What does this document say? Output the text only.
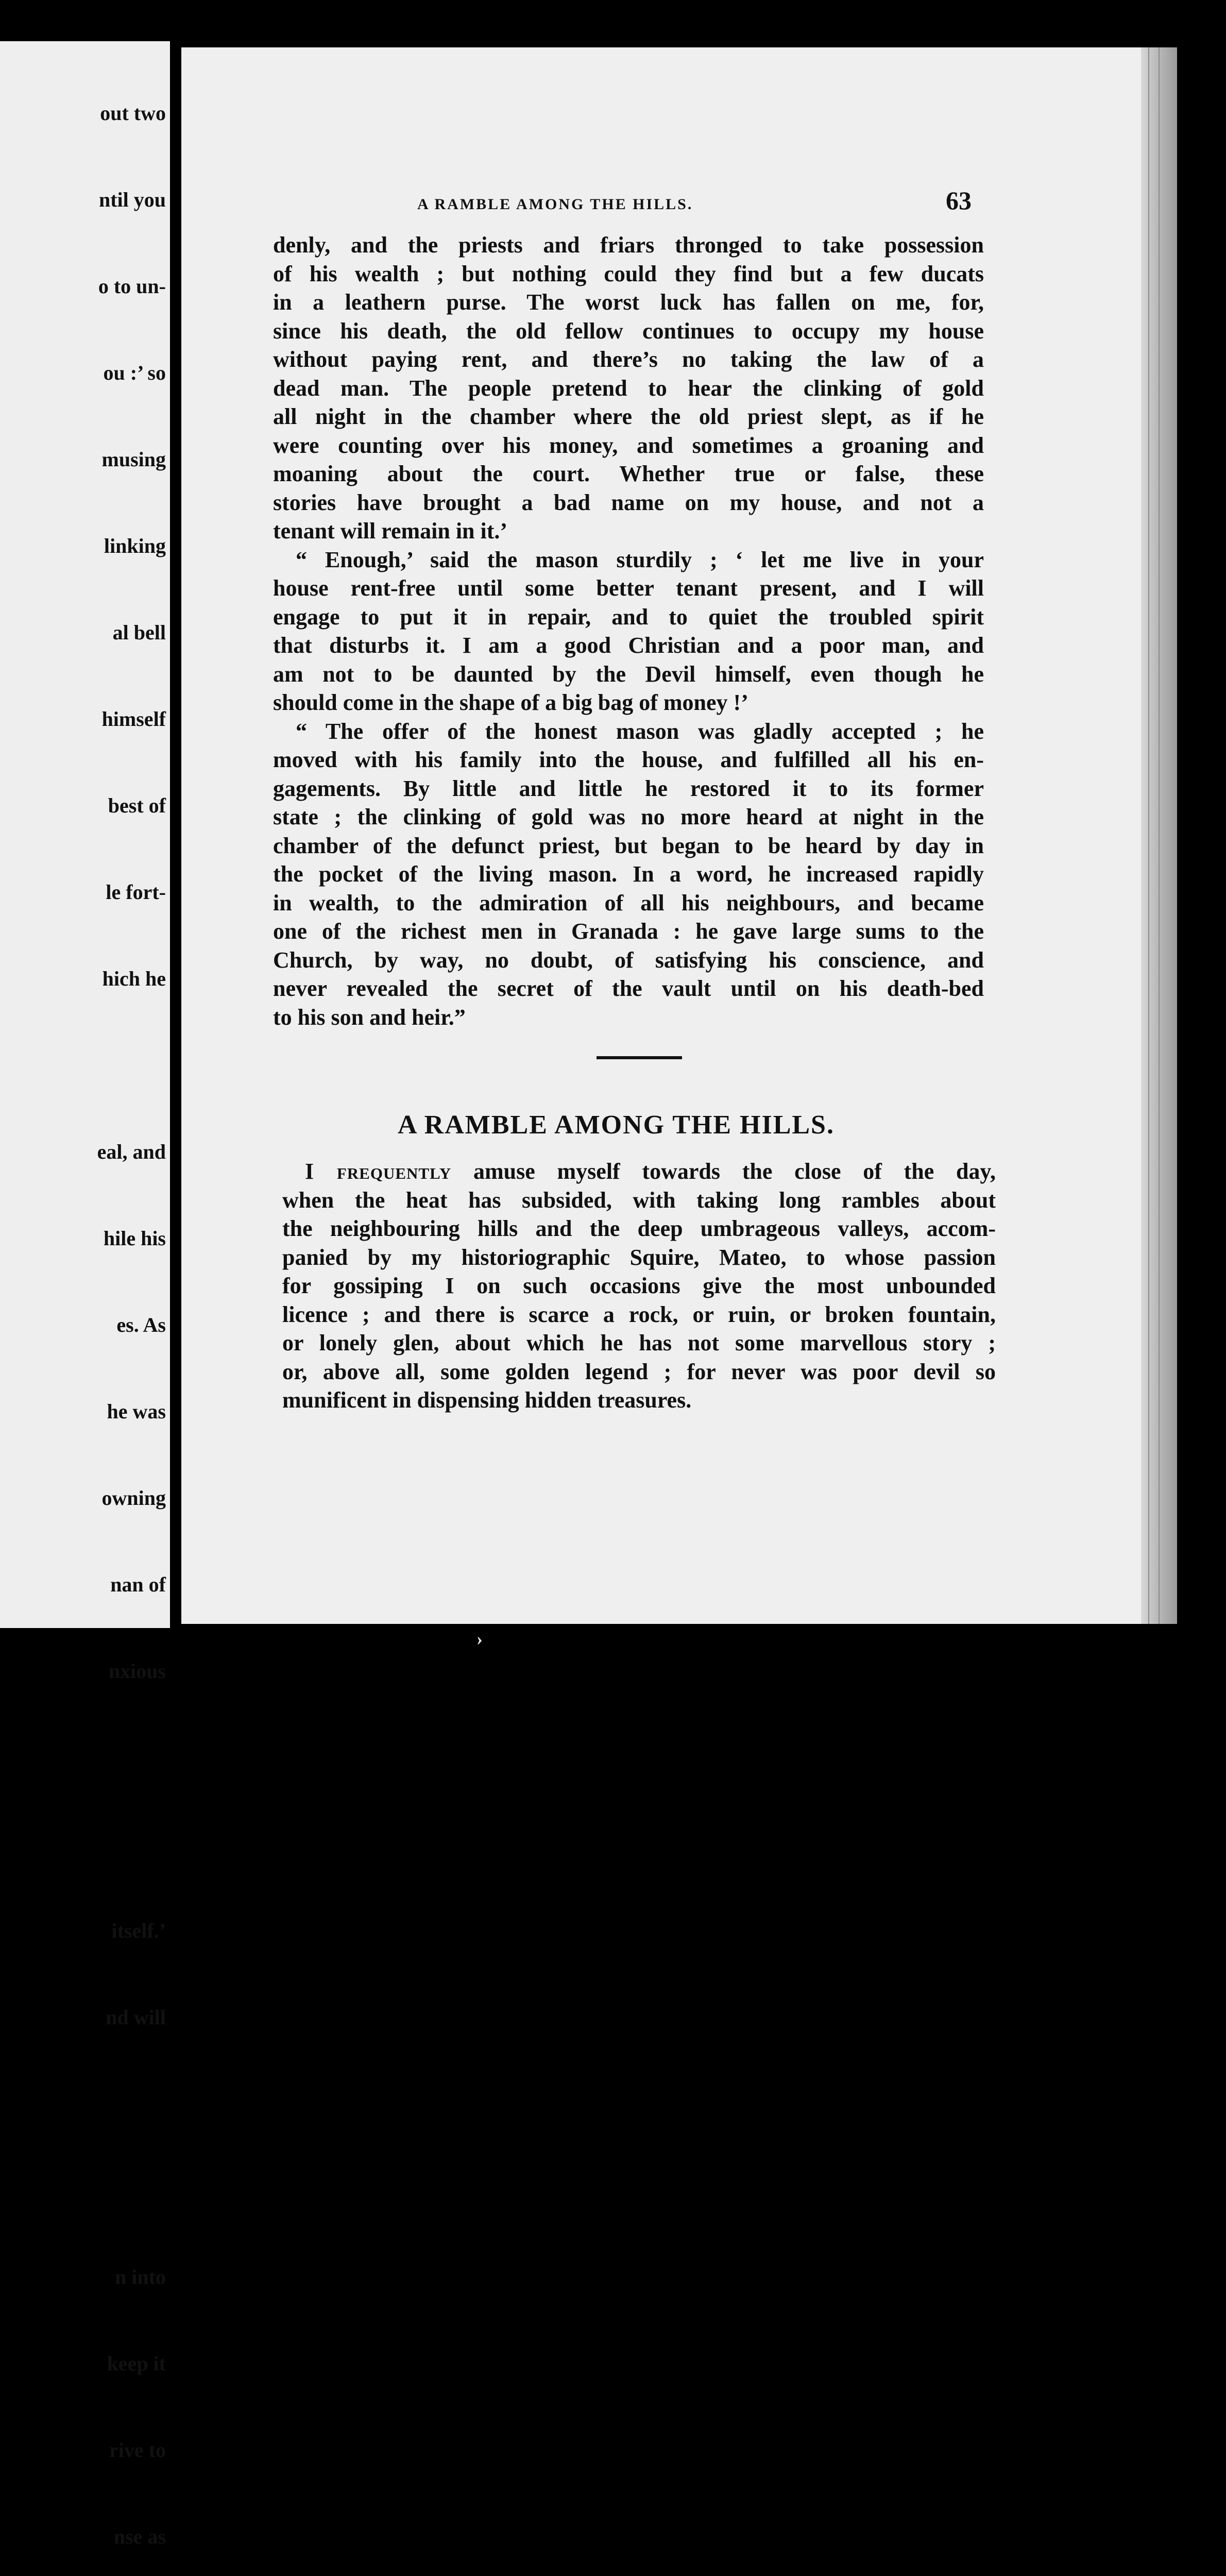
out two

ntil you

o to un-

ou :’ so

musing

linking

al bell

himself

best of

le fort-

hich he

eal, and

hile his

es. As

he was

owning

nan of

nxious

itself.’

nd will

n into

keep it

rive to

nse as

A RAMBLE AMONG THE HILLS.	63
denly, and the priests and friars thronged to take possession
of his wealth ; but nothing could they find but a few ducats
in a leathern purse. The worst luck has fallen on me, for,
since his death, the old fellow continues to occupy my house
without paying rent, and there’s no taking the law of a
dead man. The people pretend to hear the clinking of gold
all night in the chamber where the old priest slept, as if he
were counting over his money, and sometimes a groaning and
moaning about the court. Whether true or false, these
stories have brought a bad name on my house, and not a
tenant will remain in it.’
“ Enough,’ said the mason sturdily ; ‘ let me live in your
house rent-free until some better tenant present, and I will
engage to put it in repair, and to quiet the troubled spirit
that disturbs it. I am a good Christian and a poor man, and
am not to be daunted by the Devil himself, even though he
should come in the shape of a big bag of money !’
“ The offer of the honest mason was gladly accepted ; he
moved with his family into the house, and fulfilled all his en-
gagements. By little and little he restored it to its former
state ; the clinking of gold was no more heard at night in the
chamber of the defunct priest, but began to be heard by day in
the pocket of the living mason. In a word, he increased rapidly
in wealth, to the admiration of all his neighbours, and became
one of the richest men in Granada : he gave large sums to the
Church, by way, no doubt, of satisfying his conscience, and
never revealed the secret of the vault until on his death-bed
to his son and heir.”
A RAMBLE AMONG THE HILLS.
I frequently amuse myself towards the close of the day,
when the heat has subsided, with taking long rambles about
the neighbouring hills and the deep umbrageous valleys, accom-
panied by my historiographic Squire, Mateo, to whose passion
for gossiping I on such occasions give the most unbounded
licence ; and there is scarce a rock, or ruin, or broken fountain,
or lonely glen, about which he has not some marvellous story ;
or, above all, some golden legend ; for never was poor devil so
munificent in dispensing hidden treasures.
›
